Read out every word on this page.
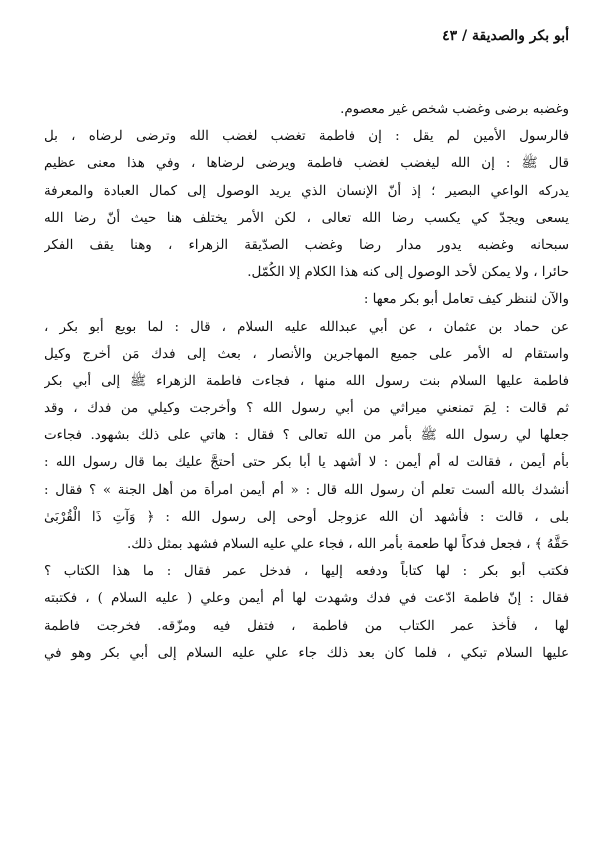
أبو بكر والصديقة / ٤٣
وغضبه برضى وغضب شخص غير معصوم.
فالرسول الأمين لم يقل : إن فاطمة تغضب لغضب الله وترضى لرضاه ، بل
قال ﷺ : إن الله ليغضب لغضب فاطمة ويرضى لرضاها ، وفي هذا معنى عظيم
يدركه الواعي البصير ؛ إذ أنّ الإنسان الذي يريد الوصول إلى كمال العبادة والمعرفة
يسعى ويجدّ كي يكسب رضا الله تعالى ، لكن الأمر يختلف هنا حيث أنّ رضا الله
سبحانه وغضبه يدور مدار رضا وغضب الصدّيقة الزهراء ، وهنا يقف الفكر
حائرا ، ولا يمكن لأحد الوصول إلى كنه هذا الكلام إلا الكُمّل.
والآن لننظر كيف تعامل أبو بكر معها :
عن حماد بن عثمان ، عن أبي عبدالله عليه السلام ، قال : لما بويع أبو بكر ،
واستقام له الأمر على جميع المهاجرين والأنصار ، بعث إلى فدك مَن أخرج وكيل
فاطمة عليها السلام بنت رسول الله منها ، فجاءت فاطمة الزهراء ﷺ إلى أبي بكر
ثم قالت : لِمَ تمنعني ميراثي من أبي رسول الله ؟ وأخرجت وكيلي من فدك ، وقد
جعلها لي رسول الله ﷺ بأمر من الله تعالى ؟ فقال : هاتي على ذلك بشهود. فجاءت
بأم أيمن ، فقالت له أم أيمن : لا أشهد يا أبا بكر حتى أحتجَّ عليك بما قال رسول الله :
أنشدك بالله ألست تعلم أن رسول الله قال : « أم أيمن امرأة من أهل الجنة » ؟ فقال :
بلى ، قالت : فأشهد أن الله عزوجل أوحى إلى رسول الله : ﴿ وَآتِ ذَا الْقُرْبَىٰ
حَقَّهُ ﴾ ، فجعل فدكاً لها طعمة بأمر الله ، فجاء علي عليه السلام فشهد بمثل ذلك.
فكتب أبو بكر : لها كتاباً ودفعه إليها ، فدخل عمر فقال : ما هذا الكتاب ؟
فقال : إنّ فاطمة ادّعت في فدك وشهدت لها أم أيمن وعلي ( عليه السلام ) ، فكتبته
لها ، فأخذ عمر الكتاب من فاطمة ، فتفل فيه ومزّقه. فخرجت فاطمة
عليها السلام تبكي ، فلما كان بعد ذلك جاء علي عليه السلام إلى أبي بكر وهو في
